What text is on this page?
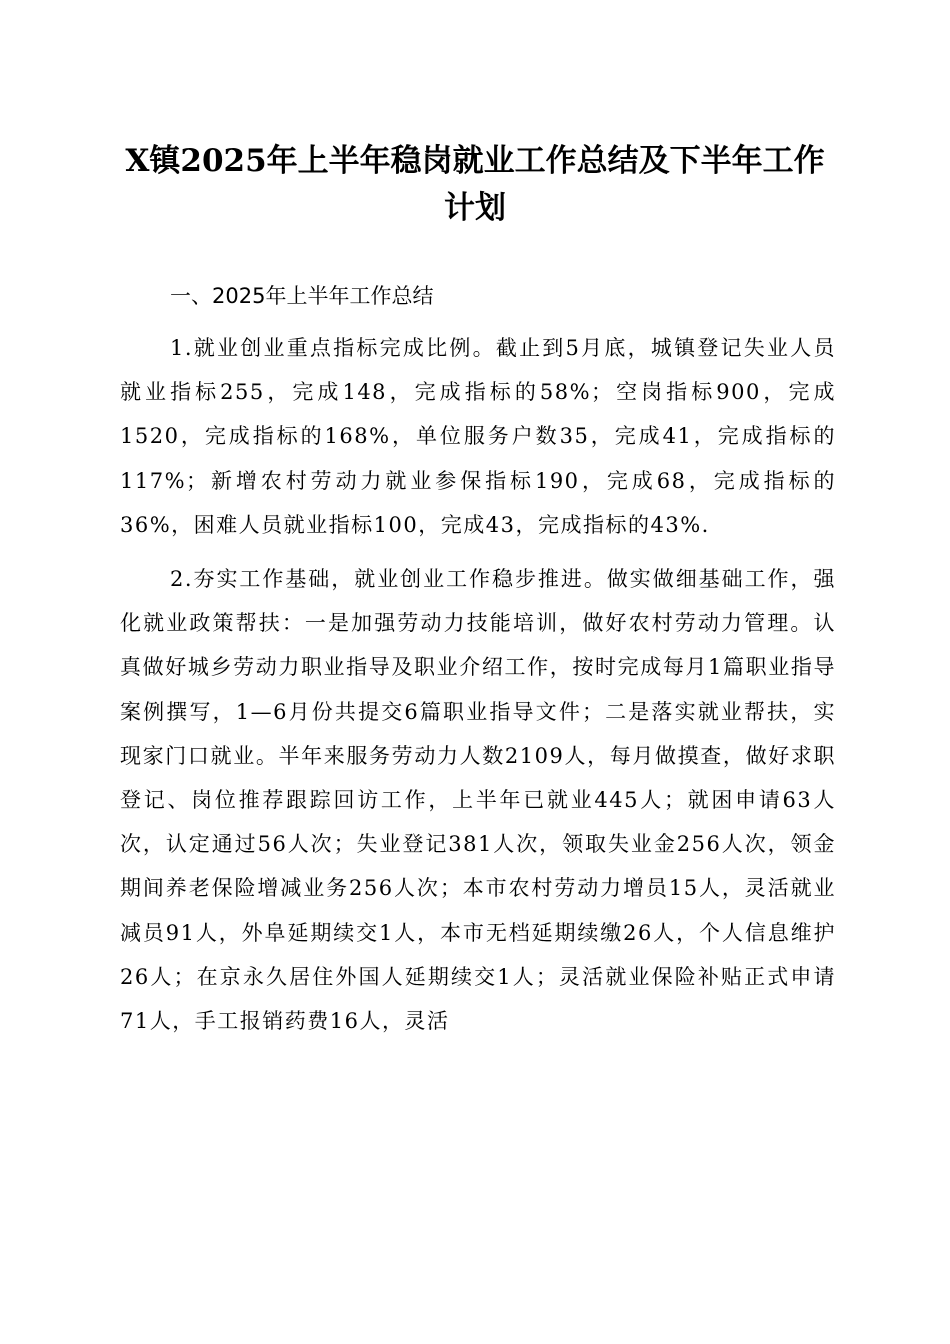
X镇2025年上半年稳岗就业工作总结及下半年工作计划

一、2025年上半年工作总结

1.就业创业重点指标完成比例。截止到5月底，城镇登记失业人员就业指标255，完成148，完成指标的58%；空岗指标900，完成1520，完成指标的168%，单位服务户数35，完成41，完成指标的117%；新增农村劳动力就业参保指标190，完成68，完成指标的36%，困难人员就业指标100，完成43，完成指标的43%.

2.夯实工作基础，就业创业工作稳步推进。做实做细基础工作，强化就业政策帮扶：一是加强劳动力技能培训，做好农村劳动力管理。认真做好城乡劳动力职业指导及职业介绍工作，按时完成每月1篇职业指导案例撰写，1—6月份共提交6篇职业指导文件；二是落实就业帮扶，实现家门口就业。半年来服务劳动力人数2109人，每月做摸查，做好求职登记、岗位推荐跟踪回访工作，上半年已就业445人；就困申请63人次，认定通过56人次；失业登记381人次，领取失业金256人次，领金期间养老保险增减业务256人次；本市农村劳动力增员15人，灵活就业减员91人，外阜延期续交1人，本市无档延期续缴26人，个人信息维护26人；在京永久居住外国人延期续交1人；灵活就业保险补贴正式申请71人，手工报销药费16人，灵活
